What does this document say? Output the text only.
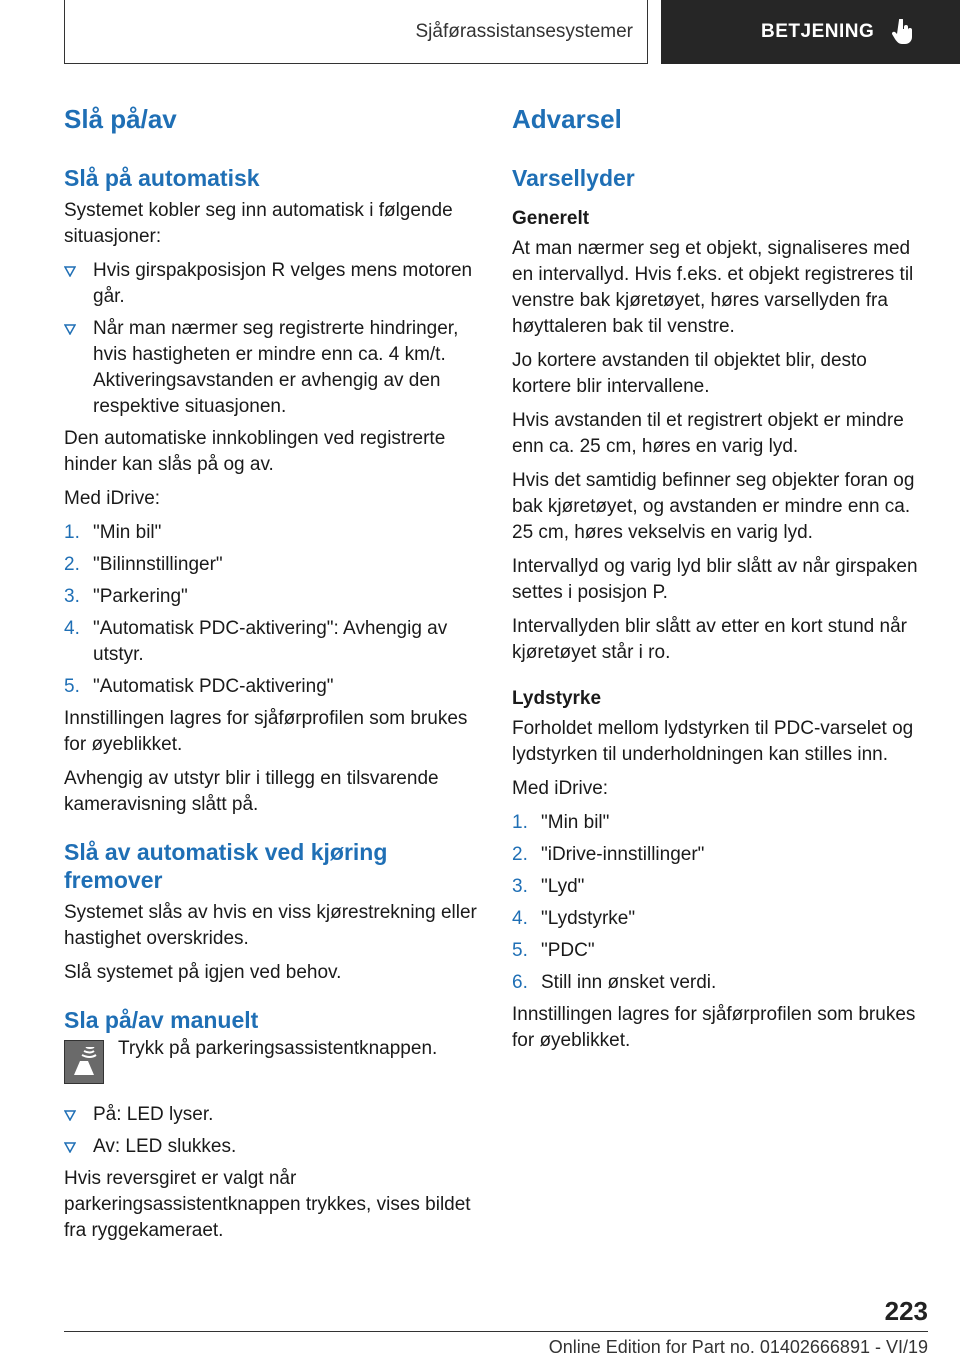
Sjåførassistansesystemer	BETJENING
Slå på/av
Slå på automatisk

Systemet kobler seg inn automatisk i følgende situasjoner:

Hvis girspakposisjon R velges mens motoren går.
Når man nærmer seg registrerte hindringer, hvis hastigheten er mindre enn ca. 4 km/t. Aktiveringsavstanden er avhengig av den respektive situasjonen.

Den automatiske innkoblingen ved registrerte hinder kan slås på og av.

Med iDrive:

1. "Min bil"
2. "Bilinnstillinger"
3. "Parkering"
4. "Automatisk PDC-aktivering": Avhengig av utstyr.
5. "Automatisk PDC-aktivering"

Innstillingen lagres for sjåførprofilen som brukes for øyeblikket.

Avhengig av utstyr blir i tillegg en tilsvarende kameravisning slått på.

Slå av automatisk ved kjøring fremover

Systemet slås av hvis en viss kjørestrekning eller hastighet overskrides.

Slå systemet på igjen ved behov.

Sla på/av manuelt

Trykk på parkeringsassistentknappen.

På: LED lyser.
Av: LED slukkes.

Hvis reversgiret er valgt når parkeringsassistentknappen trykkes, vises bildet fra ryggekameraet.

Advarsel
Varsellyder
Generelt

At man nærmer seg et objekt, signaliseres med en intervallyd. Hvis f.eks. et objekt registreres til venstre bak kjøretøyet, høres varsellyden fra høyttaleren bak til venstre.

Jo kortere avstanden til objektet blir, desto kortere blir intervallene.

Hvis avstanden til et registrert objekt er mindre enn ca. 25 cm, høres en varig lyd.

Hvis det samtidig befinner seg objekter foran og bak kjøretøyet, og avstanden er mindre enn ca. 25 cm, høres vekselvis en varig lyd.

Intervallyd og varig lyd blir slått av når girspaken settes i posisjon P.

Intervallyden blir slått av etter en kort stund når kjøretøyet står i ro.

Lydstyrke

Forholdet mellom lydstyrken til PDC-varselet og lydstyrken til underholdningen kan stilles inn.

Med iDrive:

1. "Min bil"
2. "iDrive-innstillinger"
3. "Lyd"
4. "Lydstyrke"
5. "PDC"
6. Still inn ønsket verdi.

Innstillingen lagres for sjåførprofilen som brukes for øyeblikket.

223
Online Edition for Part no. 01402666891 - VI/19
